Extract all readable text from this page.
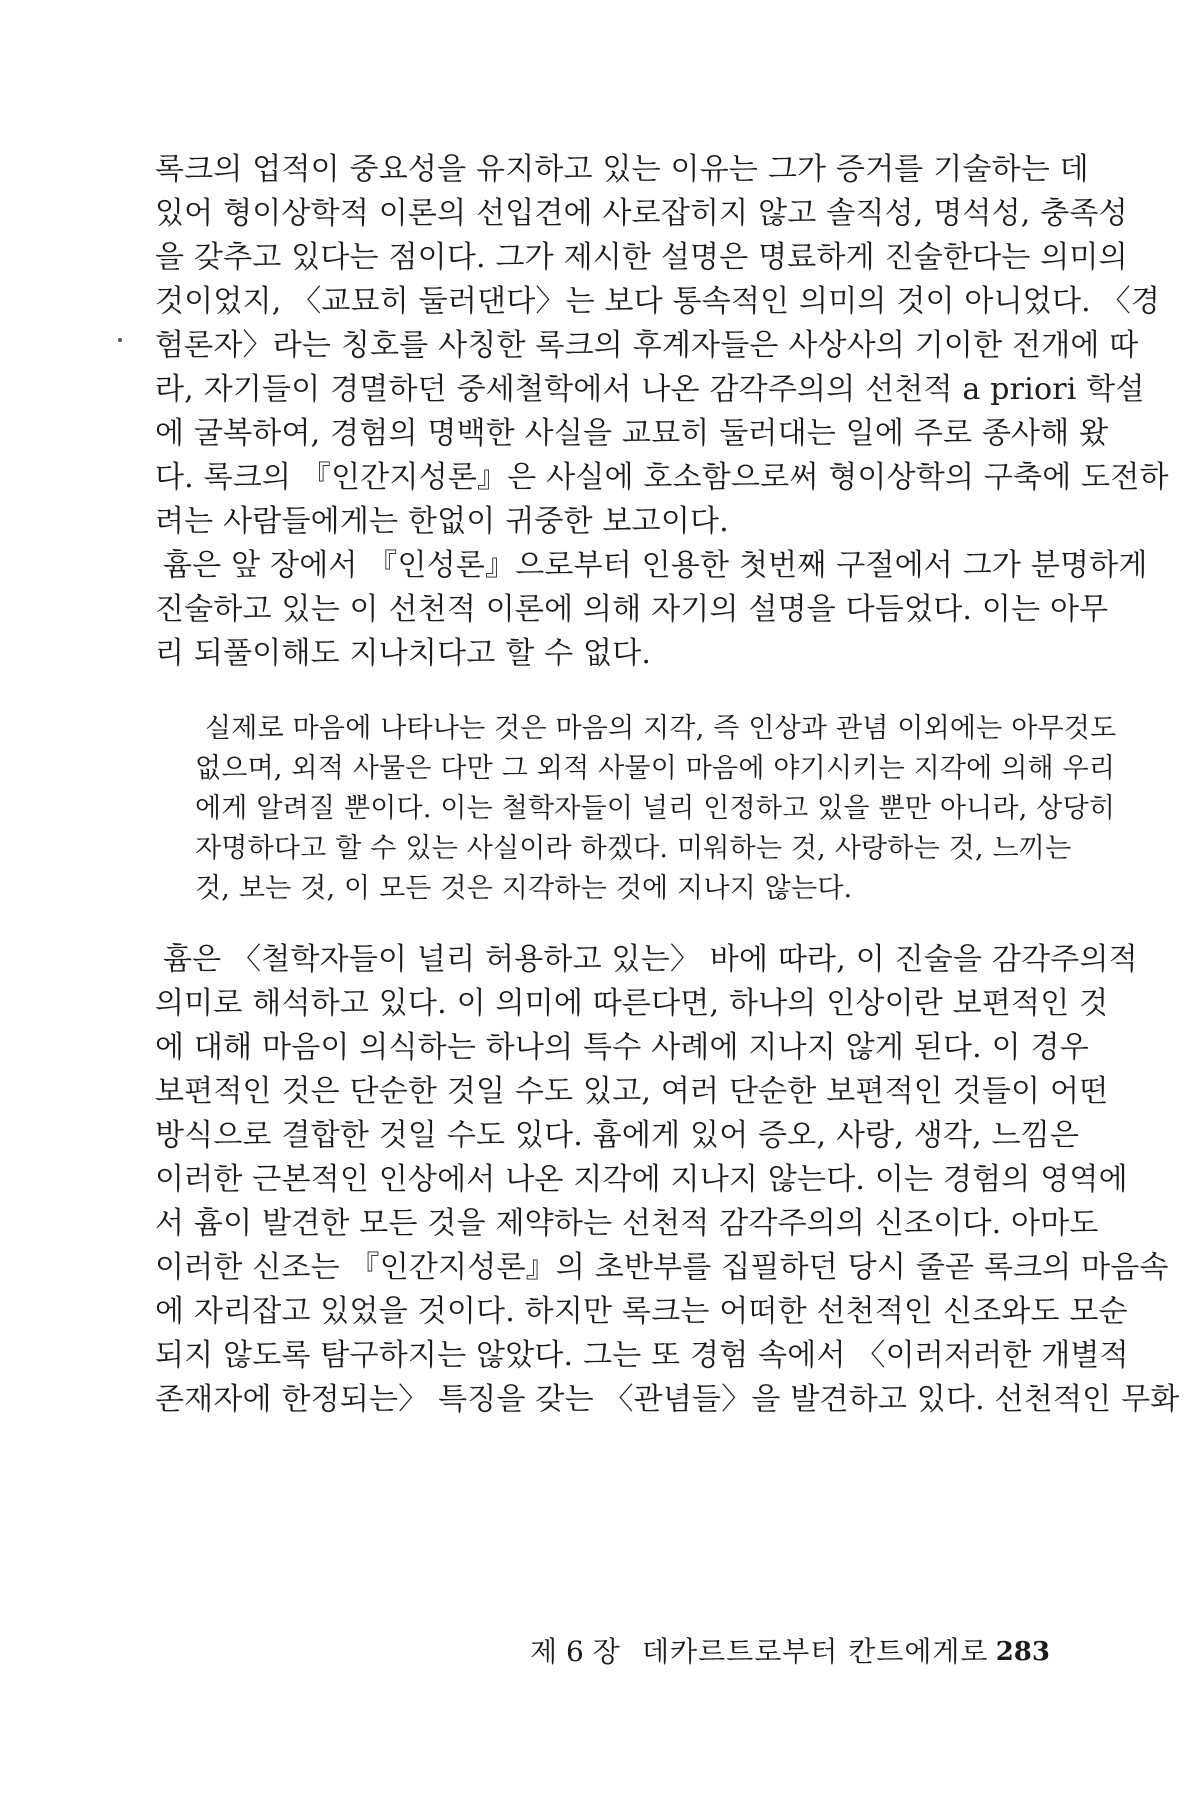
록크의 업적이 중요성을 유지하고 있는 이유는 그가 증거를 기술하는 데
있어 형이상학적 이론의 선입견에 사로잡히지 않고 솔직성, 명석성, 충족성
을 갖추고 있다는 점이다. 그가 제시한 설명은 명료하게 진술한다는 의미의
것이었지, 〈교묘히 둘러댄다〉는 보다 통속적인 의미의 것이 아니었다. 〈경
험론자〉라는 칭호를 사칭한 록크의 후계자들은 사상사의 기이한 전개에 따
라, 자기들이 경멸하던 중세철학에서 나온 감각주의의 선천적 a priori 학설
에 굴복하여, 경험의 명백한 사실을 교묘히 둘러대는 일에 주로 종사해 왔
다. 록크의 『인간지성론』은 사실에 호소함으로써 형이상학의 구축에 도전하
려는 사람들에게는 한없이 귀중한 보고이다.
흄은 앞 장에서 『인성론』으로부터 인용한 첫번째 구절에서 그가 분명하게
진술하고 있는 이 선천적 이론에 의해 자기의 설명을 다듬었다. 이는 아무
리 되풀이해도 지나치다고 할 수 없다.
실제로 마음에 나타나는 것은 마음의 지각, 즉 인상과 관념 이외에는 아무것도
없으며, 외적 사물은 다만 그 외적 사물이 마음에 야기시키는 지각에 의해 우리
에게 알려질 뿐이다. 이는 철학자들이 널리 인정하고 있을 뿐만 아니라, 상당히
자명하다고 할 수 있는 사실이라 하겠다. 미워하는 것, 사랑하는 것, 느끼는
것, 보는 것, 이 모든 것은 지각하는 것에 지나지 않는다.
흄은 〈철학자들이 널리 허용하고 있는〉 바에 따라, 이 진술을 감각주의적
의미로 해석하고 있다. 이 의미에 따른다면, 하나의 인상이란 보편적인 것
에 대해 마음이 의식하는 하나의 특수 사례에 지나지 않게 된다. 이 경우
보편적인 것은 단순한 것일 수도 있고, 여러 단순한 보편적인 것들이 어떤
방식으로 결합한 것일 수도 있다. 흄에게 있어 증오, 사랑, 생각, 느낌은
이러한 근본적인 인상에서 나온 지각에 지나지 않는다. 이는 경험의 영역에
서 흄이 발견한 모든 것을 제약하는 선천적 감각주의의 신조이다. 아마도
이러한 신조는 『인간지성론』의 초반부를 집필하던 당시 줄곧 록크의 마음속
에 자리잡고 있었을 것이다. 하지만 록크는 어떠한 선천적인 신조와도 모순
되지 않도록 탐구하지는 않았다. 그는 또 경험 속에서 〈이러저러한 개별적
존재자에 한정되는〉 특징을 갖는 〈관념들〉을 발견하고 있다. 선천적인 무화
제 6 장 데카르트로부터 칸트에게로 283
